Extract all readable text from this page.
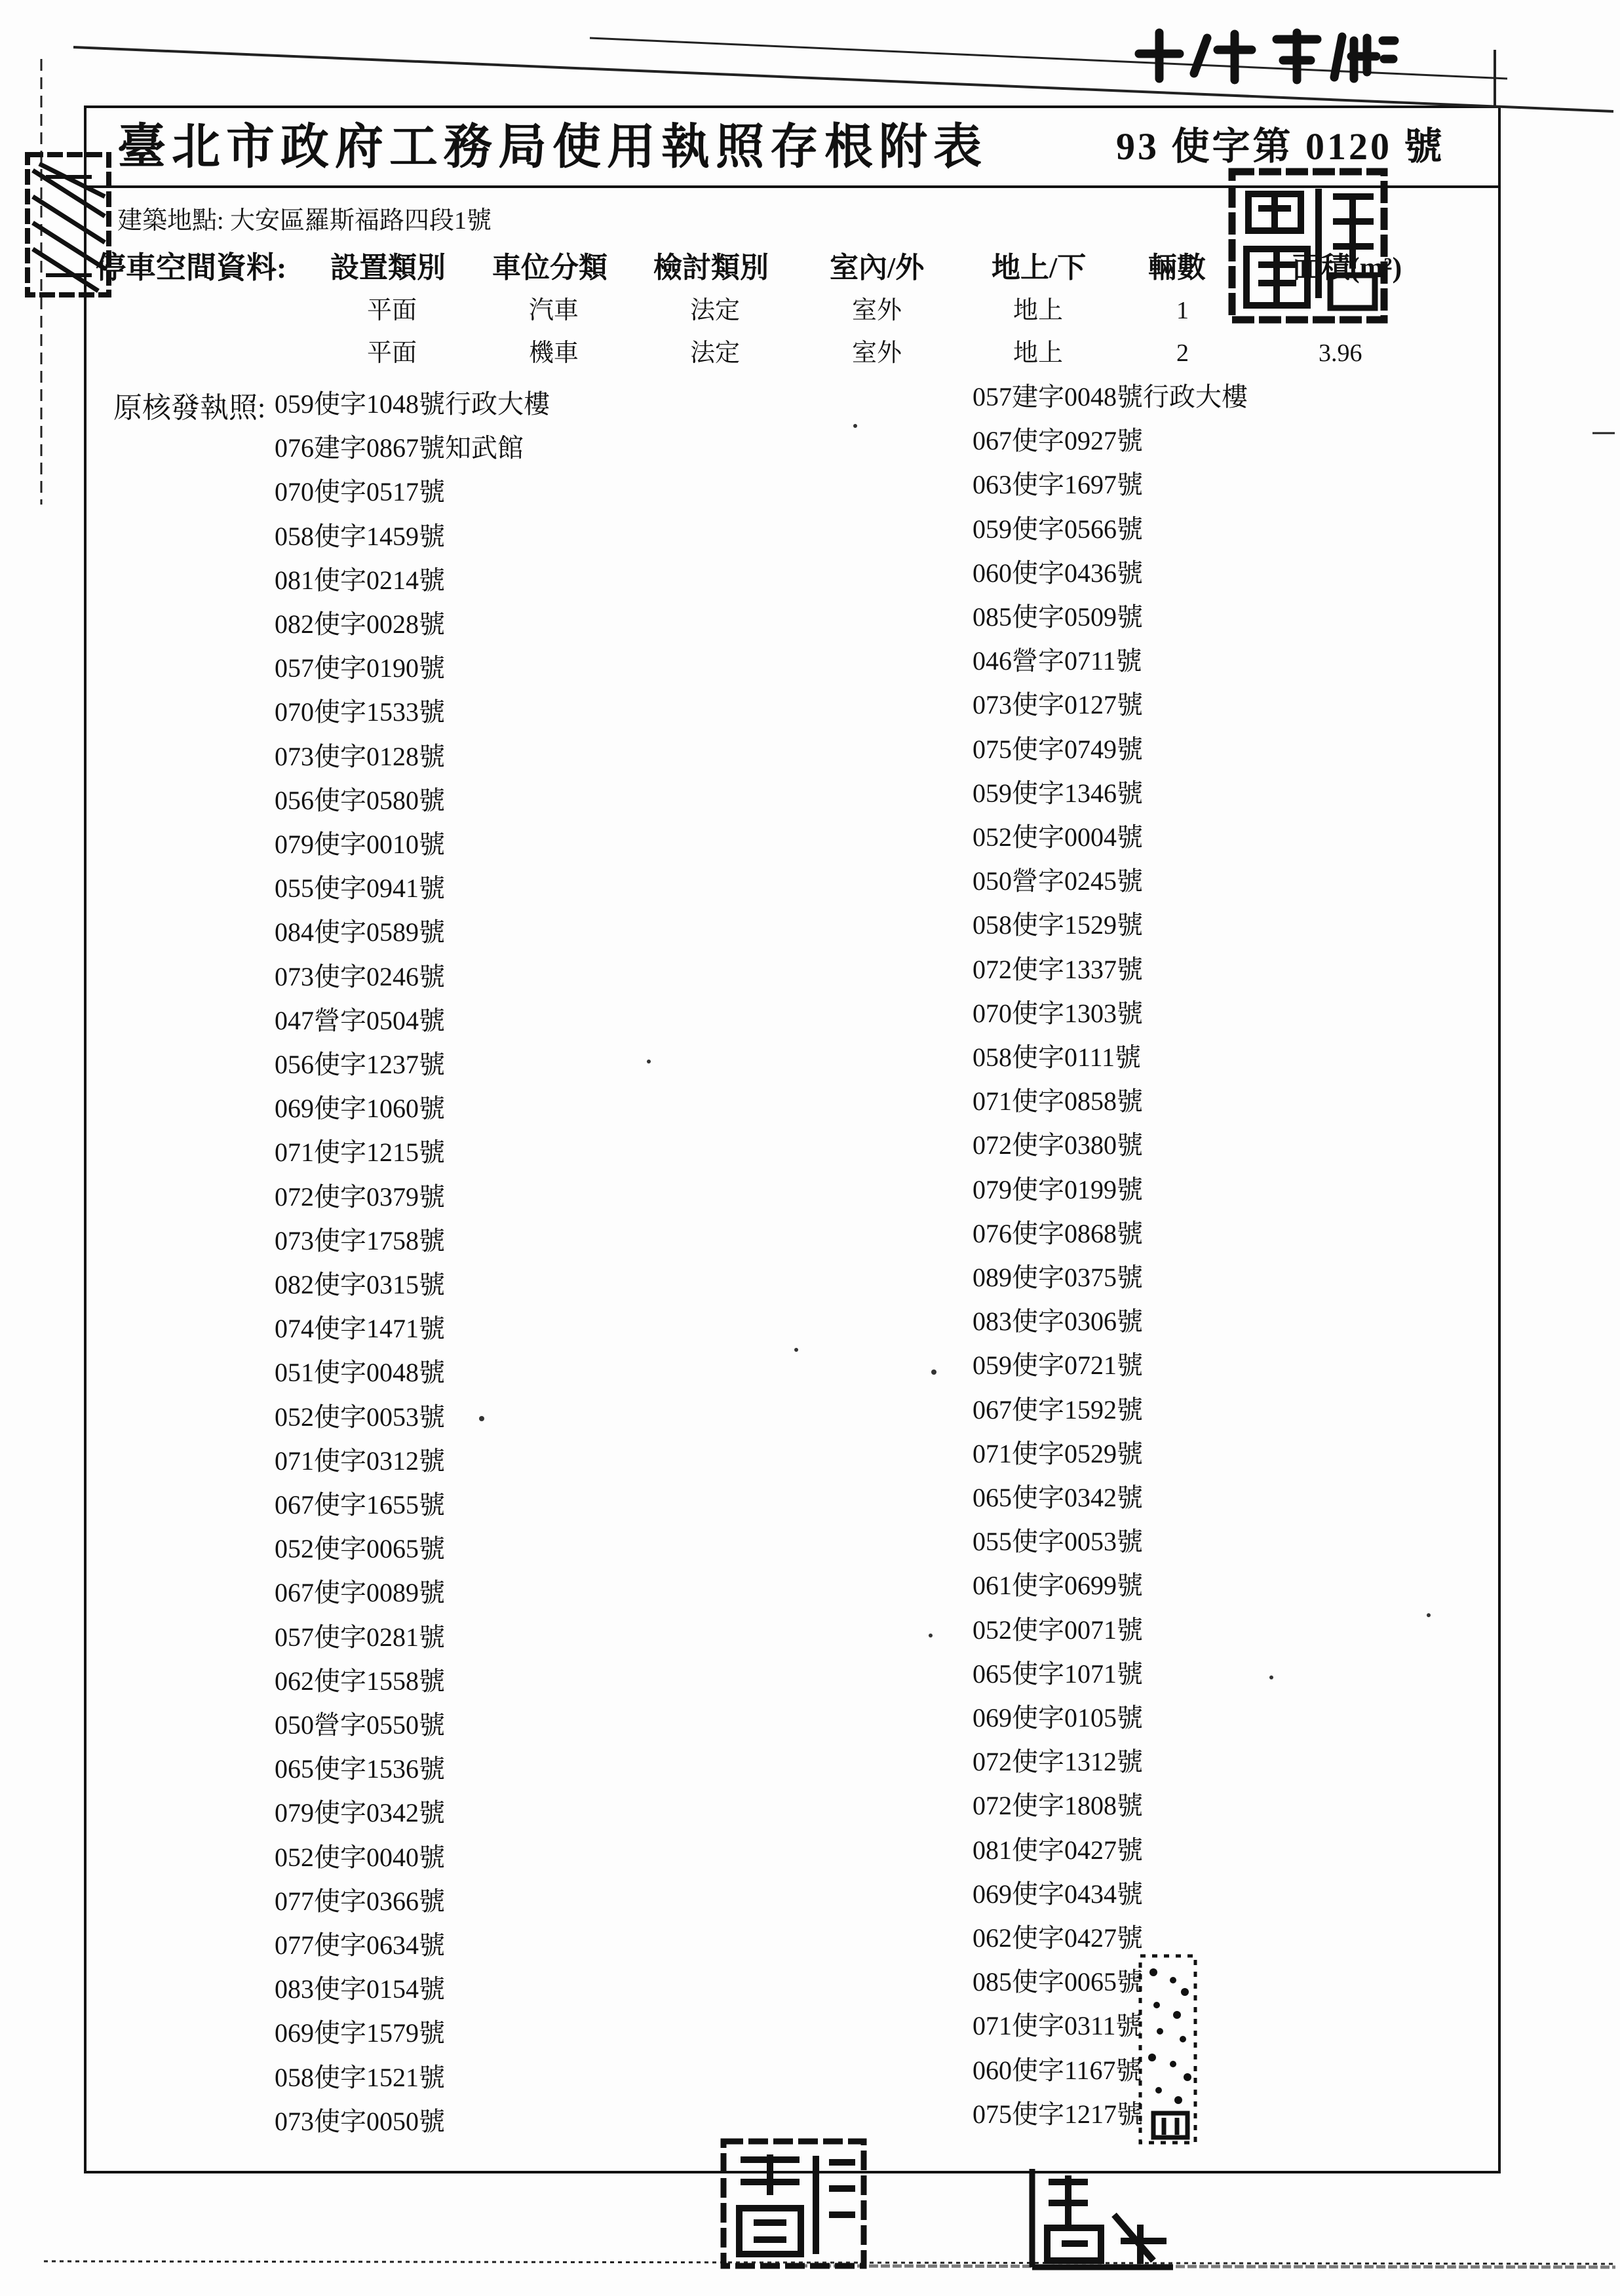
臺北市政府工務局使用執照存根附表	93 使字第 0120 號
建築地點: 大安區羅斯福路四段1號
停車空間資料: 設置類別 車位分類 檢討類別 室內/外 地上/下 輛數	面積(m²)
平面	汽車	法定	室外	地上	1
平面	機車	法定	室外	地上	2	3.96
原核發執照: 059使字1048號行政大樓
076建字0867號知武館
070使字0517號
058使字1459號
081使字0214號
082使字0028號
057使字0190號
070使字1533號
073使字0128號
056使字0580號
079使字0010號
055使字0941號
084使字0589號
073使字0246號
047營字0504號
056使字1237號
069使字1060號
071使字1215號
072使字0379號
073使字1758號
082使字0315號
074使字1471號
051使字0048號
052使字0053號
071使字0312號
067使字1655號
052使字0065號
067使字0089號
057使字0281號
062使字1558號
050營字0550號
065使字1536號
079使字0342號
052使字0040號
077使字0366號
077使字0634號
083使字0154號
069使字1579號
058使字1521號
073使字0050號
057建字0048號行政大樓
067使字0927號
063使字1697號
059使字0566號
060使字0436號
085使字0509號
046營字0711號
073使字0127號
075使字0749號
059使字1346號
052使字0004號
050營字0245號
058使字1529號
072使字1337號
070使字1303號
058使字0111號
071使字0858號
072使字0380號
079使字0199號
076使字0868號
089使字0375號
083使字0306號
059使字0721號
067使字1592號
071使字0529號
065使字0342號
055使字0053號
061使字0699號
052使字0071號
065使字1071號
069使字0105號
072使字1312號
072使字1808號
081使字0427號
069使字0434號
062使字0427號
085使字0065號
071使字0311號
060使字1167號
075使字1217號
